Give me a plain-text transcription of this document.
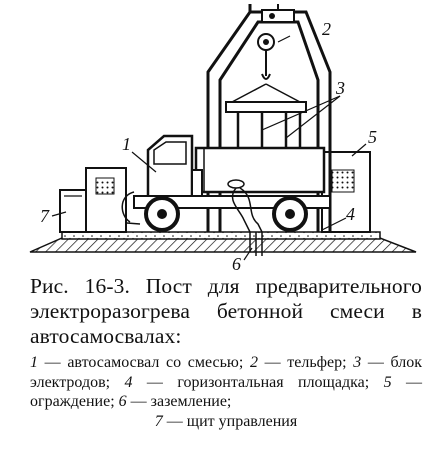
2
3
5
1
4
7
6
Рис. 16-3. Пост для предварительного электроразогрева бетонной смеси в автосамосвалах:
1 — автосамосвал со смесью; 2 — тельфер; 3 — блок электродов; 4 — горизонтальная площадка; 5 — ограждение; 6 — заземление;
7 — щит управления
